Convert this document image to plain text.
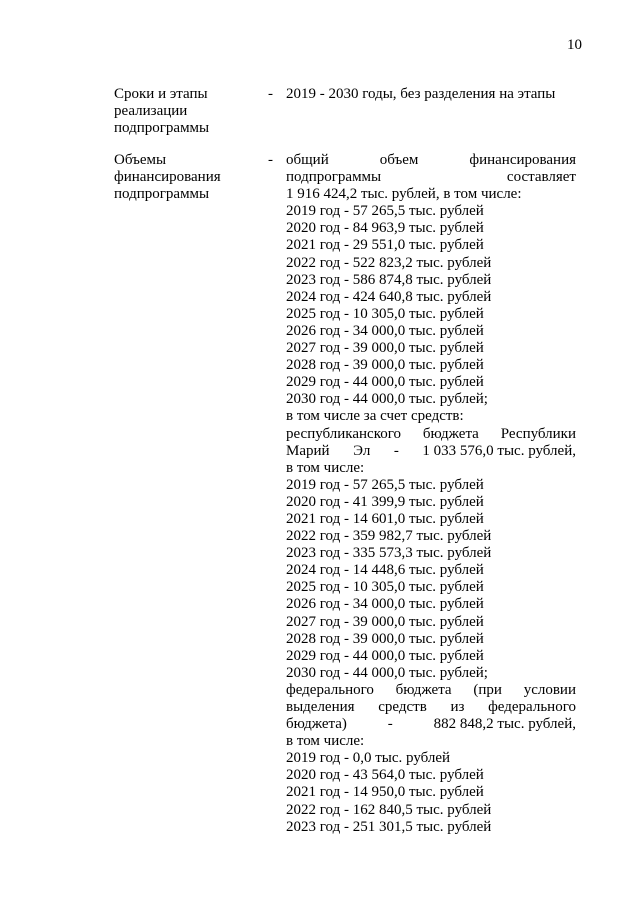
10
Сроки и этапы
реализации
подпрограммы
- 2019 - 2030 годы, без разделения на этапы
Объемы
финансирования
подпрограммы
- общий	объем	финансирования
подпрограммы	составляет
1 916 424,2 тыс. рублей, в том числе:
2019 год - 57 265,5 тыс. рублей
2020 год - 84 963,9 тыс. рублей
2021 год - 29 551,0 тыс. рублей
2022 год - 522 823,2 тыс. рублей
2023 год - 586 874,8 тыс. рублей
2024 год - 424 640,8 тыс. рублей
2025 год - 10 305,0 тыс. рублей
2026 год - 34 000,0 тыс. рублей
2027 год - 39 000,0 тыс. рублей
2028 год - 39 000,0 тыс. рублей
2029 год - 44 000,0 тыс. рублей
2030 год - 44 000,0 тыс. рублей;
в том числе за счет средств:
республиканского бюджета Республики
Марий Эл - 1 033 576,0 тыс. рублей,
в том числе:
2019 год - 57 265,5 тыс. рублей
2020 год - 41 399,9 тыс. рублей
2021 год - 14 601,0 тыс. рублей
2022 год - 359 982,7 тыс. рублей
2023 год - 335 573,3 тыс. рублей
2024 год - 14 448,6 тыс. рублей
2025 год - 10 305,0 тыс. рублей
2026 год - 34 000,0 тыс. рублей
2027 год - 39 000,0 тыс. рублей
2028 год - 39 000,0 тыс. рублей
2029 год - 44 000,0 тыс. рублей
2030 год - 44 000,0 тыс. рублей;
федерального бюджета (при условии
выделения средств из федерального
бюджета)	-	882 848,2 тыс. рублей,
в том числе:
2019 год - 0,0 тыс. рублей
2020 год - 43 564,0 тыс. рублей
2021 год - 14 950,0 тыс. рублей
2022 год - 162 840,5 тыс. рублей
2023 год - 251 301,5 тыс. рублей
